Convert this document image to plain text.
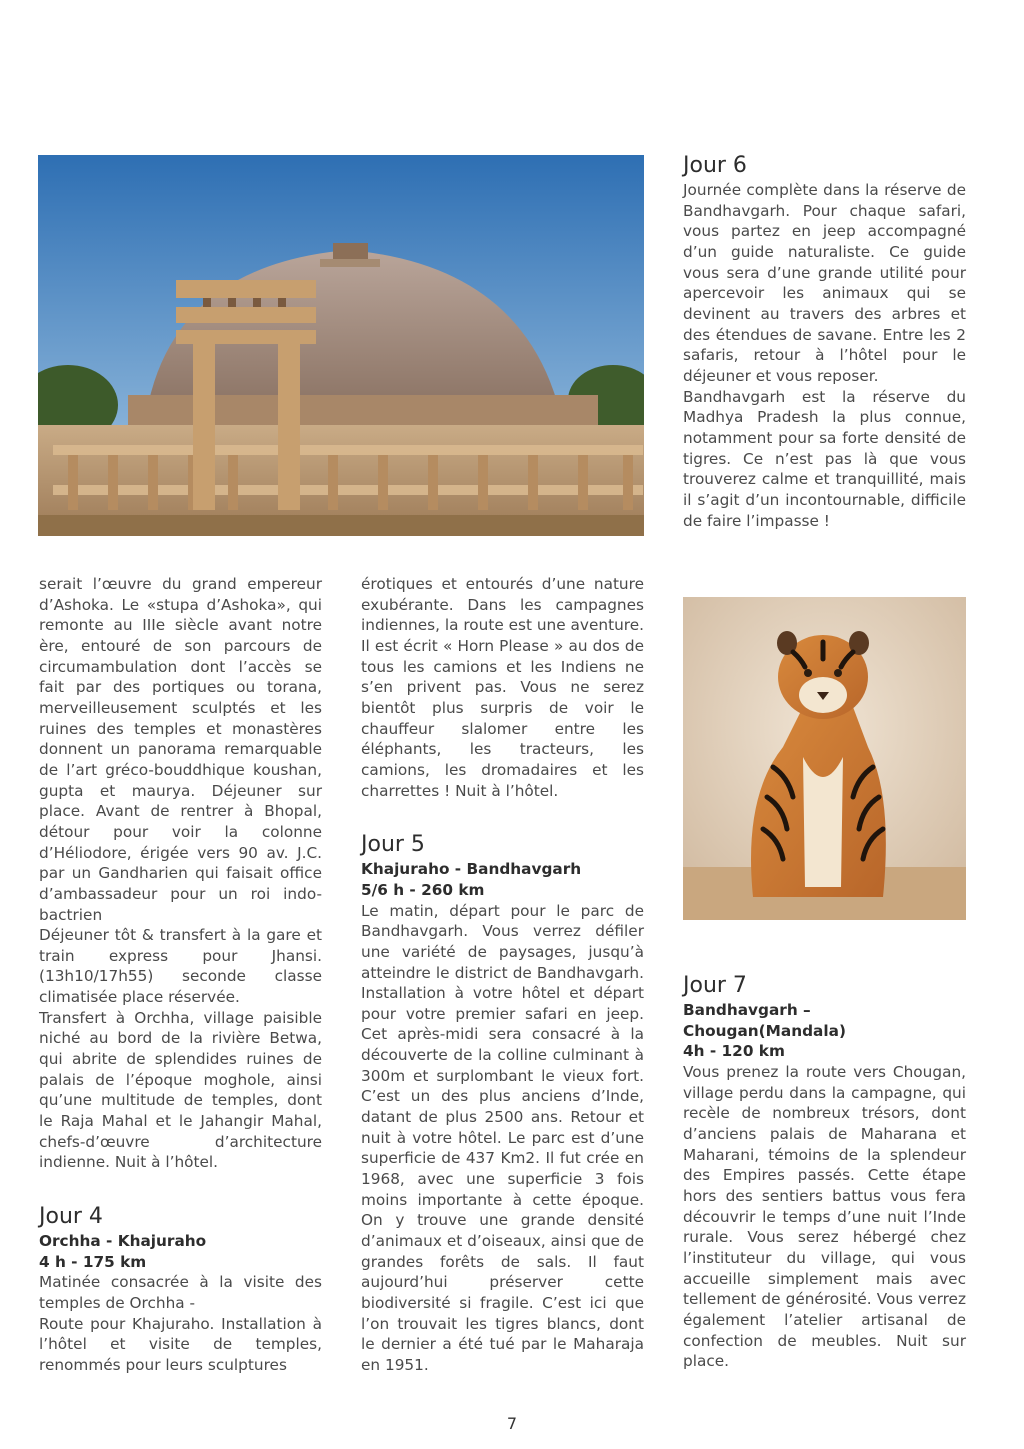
Jour 6

Journée complète dans la réserve de Bandhavgarh. Pour chaque safari, vous partez en jeep accompagné d’un guide naturaliste. Ce guide vous sera d’une grande utilité pour apercevoir les animaux qui se devinent au travers des arbres et des étendues de savane. Entre les 2 safaris, retour à l’hôtel pour le déjeuner et vous reposer.

Bandhavgarh est la réserve du Madhya Pradesh la plus connue, notamment pour sa forte densité de tigres. Ce n’est pas là que vous trouverez calme et tranquillité, mais il s’agit d’un incontournable, difficile de faire l’impasse !

serait l’œuvre du grand empereur d’Ashoka. Le «stupa d’Ashoka», qui remonte au IIIe siècle avant notre ère, entouré de son parcours de circumambulation dont l’accès se fait par des portiques ou torana, merveilleusement sculptés et les ruines des temples et monastères donnent un panorama remarquable de l’art gréco-bouddhique koushan, gupta et maurya. Déjeuner sur place. Avant de rentrer à Bhopal, détour pour voir la colonne d’Héliodore, érigée vers 90 av. J.C. par un Gandharien qui faisait office d’ambassadeur pour un roi indo-bactrien

Déjeuner tôt & transfert à la gare et train express pour Jhansi. (13h10/17h55) seconde classe climatisée place réservée.

Transfert à Orchha, village paisible niché au bord de la rivière Betwa, qui abrite de splendides ruines de palais de l’époque moghole, ainsi qu’une multitude de temples, dont le Raja Mahal et le Jahangir Mahal, chefs-d’œuvre d’architecture indienne. Nuit à l’hôtel.

Jour 4

Orchha - Khajuraho

4 h - 175 km

Matinée consacrée à la visite des temples de Orchha -

Route pour Khajuraho. Installation à l’hôtel et visite de temples, renommés pour leurs sculptures

érotiques et entourés d’une nature exubérante. Dans les campagnes indiennes, la route est une aventure. Il est écrit « Horn Please » au dos de tous les camions et les Indiens ne s’en privent pas. Vous ne serez bientôt plus surpris de voir le chauffeur slalomer entre les éléphants, les tracteurs, les camions, les dromadaires et les charrettes ! Nuit à l’hôtel.

Jour 5

Khajuraho - Bandhavgarh

5/6 h - 260 km

Le matin, départ pour le parc de Bandhavgarh. Vous verrez défiler une variété de paysages, jusqu’à atteindre le district de Bandhavgarh. Installation à votre hôtel et départ pour votre premier safari en jeep. Cet après-midi sera consacré à la découverte de la colline culminant à 300m et surplombant le vieux fort. C’est un des plus anciens d’Inde, datant de plus 2500 ans. Retour et nuit à votre hôtel. Le parc est d’une superficie de 437 Km2. Il fut crée en 1968, avec une superficie 3 fois moins importante à cette époque. On y trouve une grande densité d’animaux et d’oiseaux, ainsi que de grandes forêts de sals. Il faut aujourd’hui préserver cette biodiversité si fragile. C’est ici que l’on trouvait les tigres blancs, dont le dernier a été tué par le Maharaja en 1951.

Jour 7

Bandhavgarh – Chougan(Mandala)

4h - 120 km

Vous prenez la route vers Chougan, village perdu dans la campagne, qui recèle de nombreux trésors, dont d’anciens palais de Maharana et Maharani, témoins de la splendeur des Empires passés. Cette étape hors des sentiers battus vous fera découvrir le temps d’une nuit l’Inde rurale. Vous serez hébergé chez l’instituteur du village, qui vous accueille simplement mais avec tellement de générosité. Vous verrez également l’atelier artisanal de confection de meubles. Nuit sur place.

7
